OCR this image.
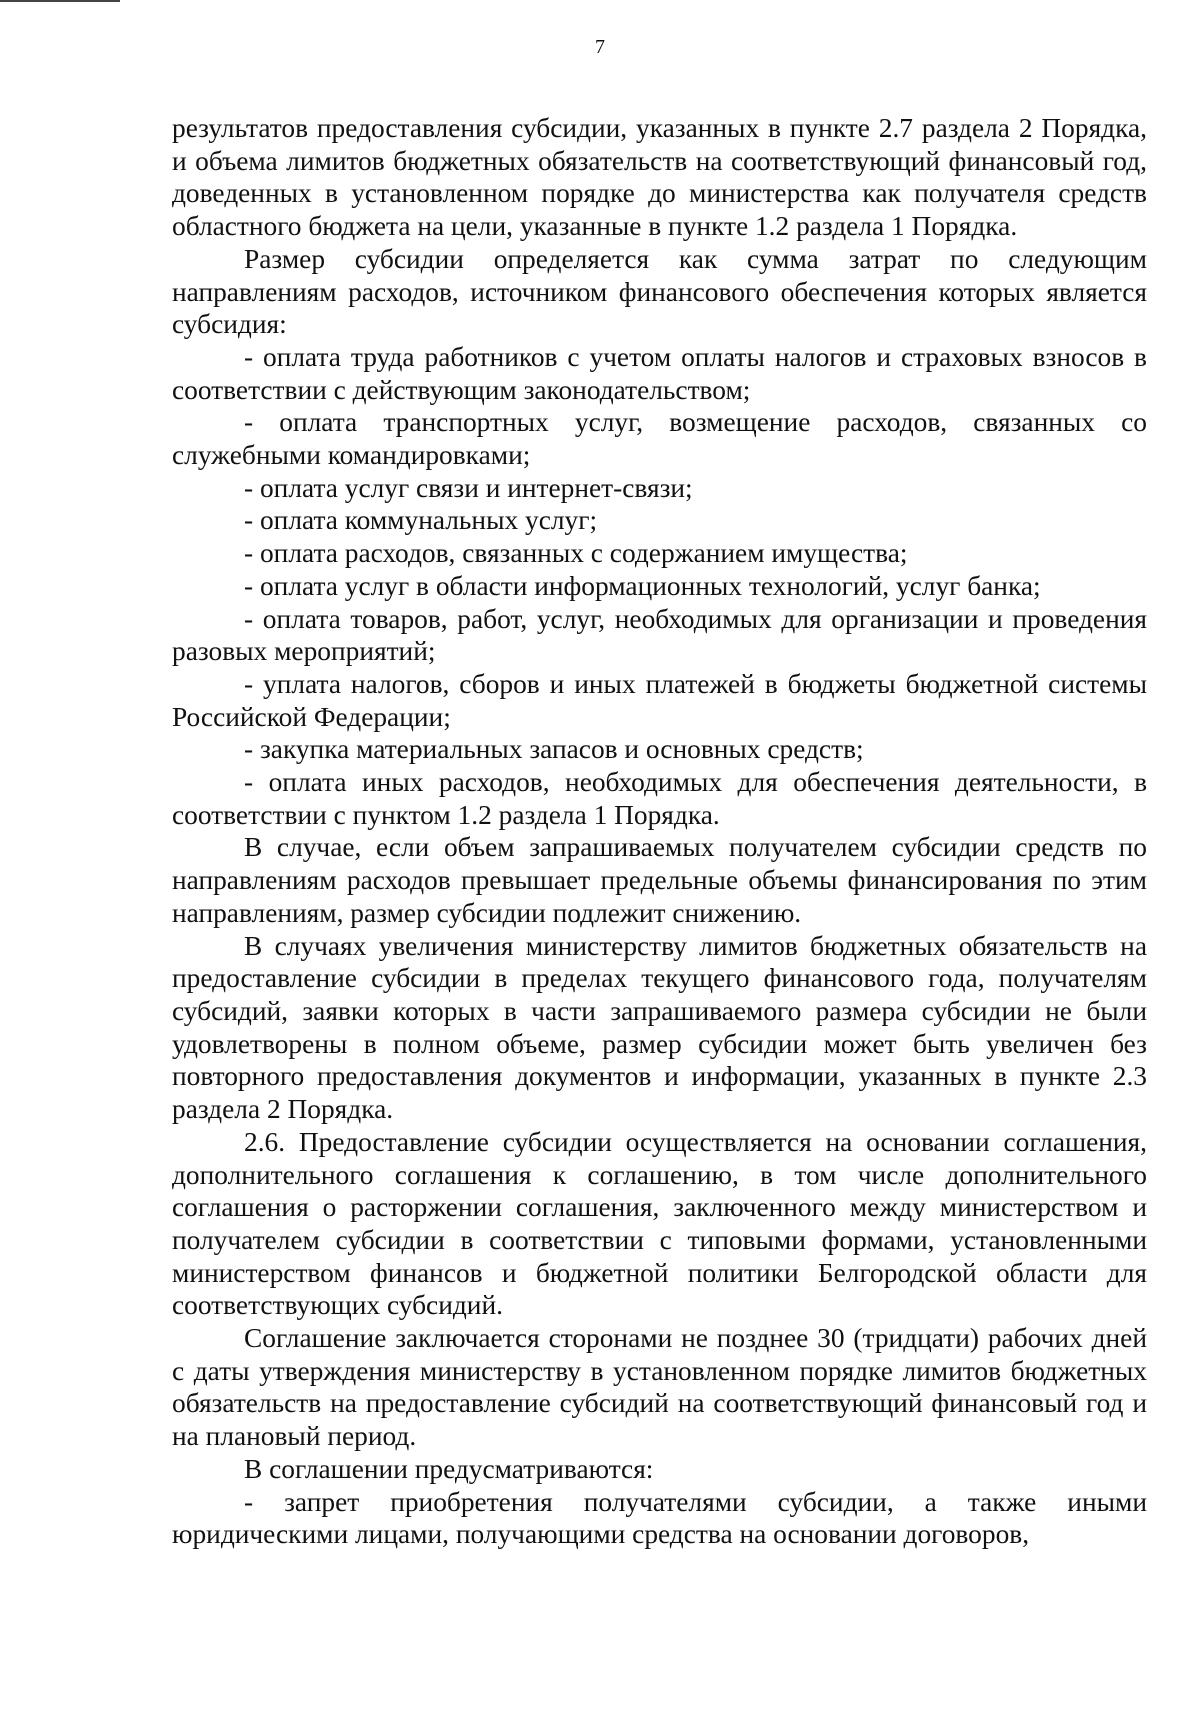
7

результатов предоставления субсидии, указанных в пункте 2.7 раздела 2 Порядка, и объема лимитов бюджетных обязательств на соответствующий финансовый год, доведенных в установленном порядке до министерства как получателя средств областного бюджета на цели, указанные в пункте 1.2 раздела 1 Порядка.

Размер субсидии определяется как сумма затрат по следующим направлениям расходов, источником финансового обеспечения которых является субсидия:

- оплата труда работников с учетом оплаты налогов и страховых взносов в соответствии с действующим законодательством;

- оплата транспортных услуг, возмещение расходов, связанных со служебными командировками;

- оплата услуг связи и интернет-связи;

- оплата коммунальных услуг;

- оплата расходов, связанных с содержанием имущества;

- оплата услуг в области информационных технологий, услуг банка;

- оплата товаров, работ, услуг, необходимых для организации и проведения разовых мероприятий;

- уплата налогов, сборов и иных платежей в бюджеты бюджетной системы Российской Федерации;

- закупка материальных запасов и основных средств;

- оплата иных расходов, необходимых для обеспечения деятельности, в соответствии с пунктом 1.2 раздела 1 Порядка.

В случае, если объем запрашиваемых получателем субсидии средств по направлениям расходов превышает предельные объемы финансирования по этим направлениям, размер субсидии подлежит снижению.

В случаях увеличения министерству лимитов бюджетных обязательств на предоставление субсидии в пределах текущего финансового года, получателям субсидий, заявки которых в части запрашиваемого размера субсидии не были удовлетворены в полном объеме, размер субсидии может быть увеличен без повторного предоставления документов и информации, указанных в пункте 2.3 раздела 2 Порядка.

2.6. Предоставление субсидии осуществляется на основании соглашения, дополнительного соглашения к соглашению, в том числе дополнительного соглашения о расторжении соглашения, заключенного между министерством и получателем субсидии в соответствии с типовыми формами, установленными министерством финансов и бюджетной политики Белгородской области для соответствующих субсидий.

Соглашение заключается сторонами не позднее 30 (тридцати) рабочих дней с даты утверждения министерству в установленном порядке лимитов бюджетных обязательств на предоставление субсидий на соответствующий финансовый год и на плановый период.

В соглашении предусматриваются:

- запрет приобретения получателями субсидии, а также иными юридическими лицами, получающими средства на основании договоров,
